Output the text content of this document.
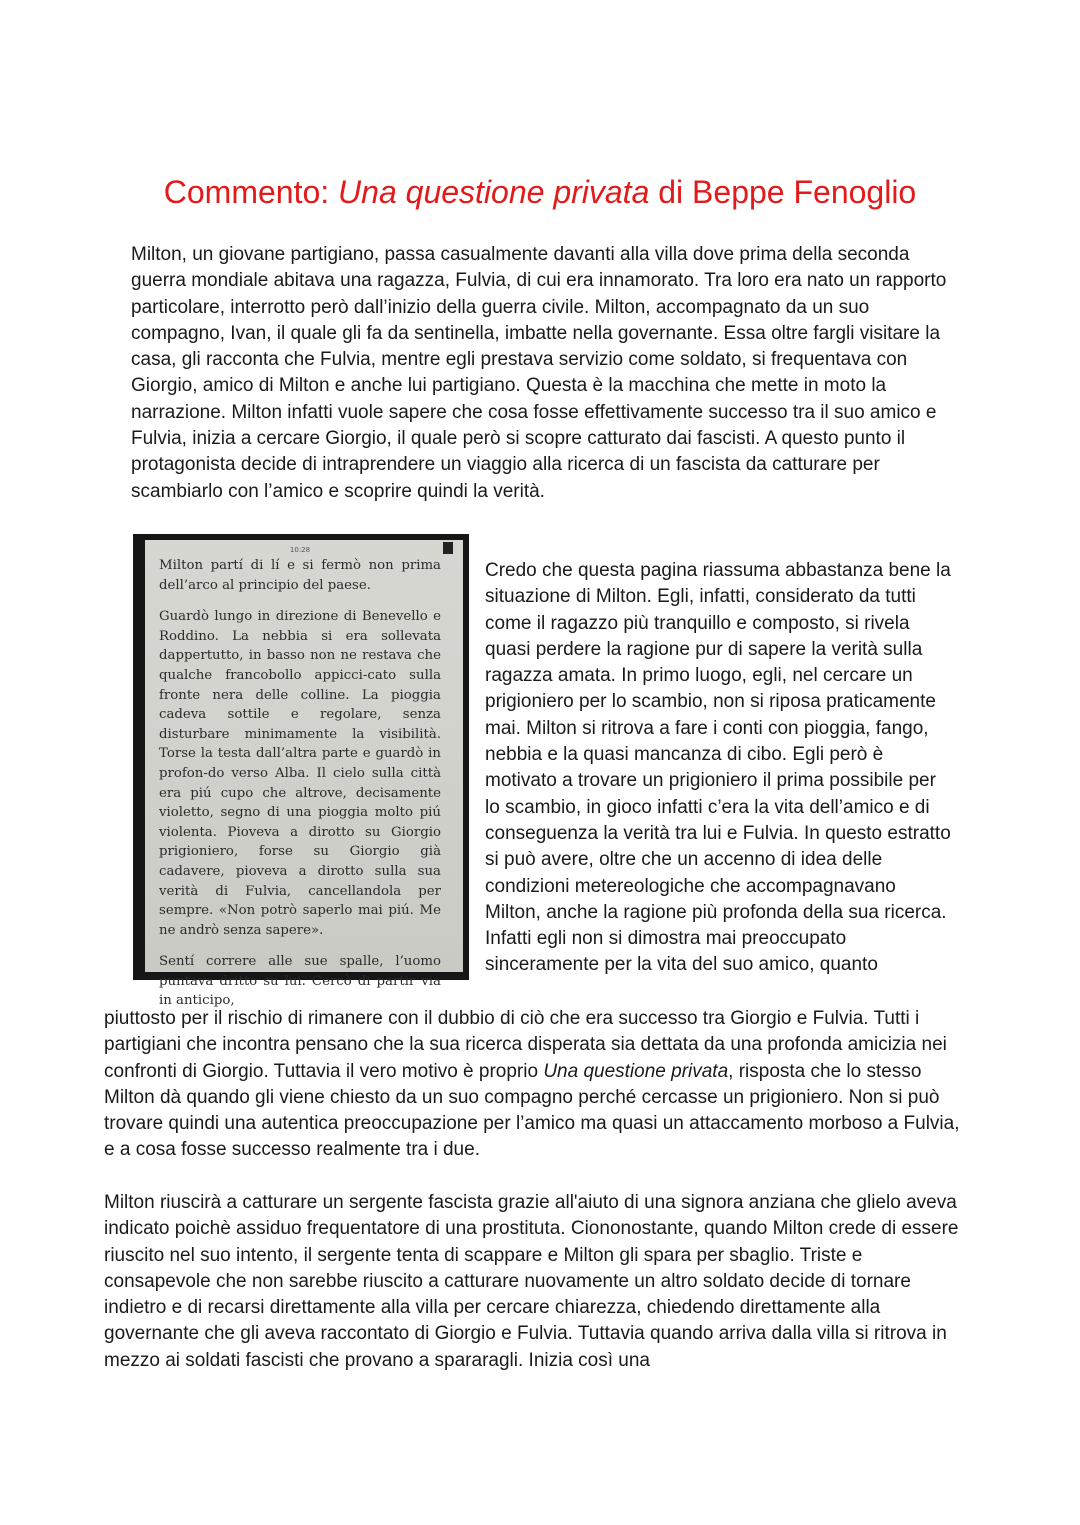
Commento: Una questione privata di Beppe Fenoglio

Milton, un giovane partigiano, passa casualmente davanti alla villa dove prima della seconda guerra mondiale abitava una ragazza, Fulvia, di cui era innamorato. Tra loro era nato un rapporto particolare, interrotto però dall’inizio della guerra civile. Milton, accompagnato da un suo compagno, Ivan, il quale gli fa da sentinella, imbatte nella governante. Essa oltre fargli visitare la casa, gli racconta che Fulvia, mentre egli prestava servizio come soldato, si frequentava con Giorgio, amico di Milton e anche lui partigiano. Questa è la macchina che mette in moto la narrazione. Milton infatti vuole sapere che cosa fosse effettivamente successo tra il suo amico e Fulvia, inizia a cercare Giorgio, il quale però si scopre catturato dai fascisti. A questo punto il protagonista decide di intraprendere un viaggio alla ricerca di un fascista da catturare per scambiarlo con l’amico e scoprire quindi la verità.

10:28

Milton partí di lí e si fermò non prima dell’arco al principio del paese.

Guardò lungo in direzione di Benevello e Roddino. La nebbia si era sollevata dappertutto, in basso non ne restava che qualche francobollo appicci-cato sulla fronte nera delle colline. La pioggia cadeva sottile e regolare, senza disturbare minimamente la visibilità. Torse la testa dall’altra parte e guardò in profon-do verso Alba. Il cielo sulla città era piú cupo che altrove, decisamente violetto, segno di una pioggia molto piú violenta. Pioveva a dirotto su Giorgio prigioniero, forse su Giorgio già cadavere, pioveva a dirotto sulla sua verità di Fulvia, cancellandola per sempre. «Non potrò saperlo mai piú. Me ne andrò senza sapere».

Sentí correre alle sue spalle, l’uomo puntava dritto su lui. Cercò di partir via in anticipo,

Credo che questa pagina riassuma abbastanza bene la situazione di Milton. Egli, infatti, considerato da tutti come il ragazzo più tranquillo e composto, si rivela quasi perdere la ragione pur di sapere la verità sulla ragazza amata. In primo luogo, egli, nel cercare un prigioniero per lo scambio, non si riposa praticamente mai. Milton si ritrova a fare i conti con pioggia, fango, nebbia e la quasi mancanza di cibo. Egli però è motivato a trovare un prigioniero il prima possibile per lo scambio, in gioco infatti c’era la vita dell’amico e di conseguenza la verità tra lui e Fulvia. In questo estratto si può avere, oltre che un accenno di idea delle condizioni metereologiche che accompagnavano Milton, anche la ragione più profonda della sua ricerca. Infatti egli non si dimostra mai preoccupato sinceramente per la vita del suo amico, quanto

piuttosto per il rischio di rimanere con il dubbio di ciò che era successo tra Giorgio e Fulvia. Tutti i partigiani che incontra pensano che la sua ricerca disperata sia dettata da una profonda amicizia nei confronti di Giorgio. Tuttavia il vero motivo è proprio Una questione privata, risposta che lo stesso Milton dà quando gli viene chiesto da un suo compagno perché cercasse un prigioniero. Non si può trovare quindi una autentica preoccupazione per l’amico ma quasi un attaccamento morboso a Fulvia, e a cosa fosse successo realmente tra i due.

Milton riuscirà a catturare un sergente fascista grazie all'aiuto di una signora anziana che glielo aveva indicato poichè assiduo frequentatore di una prostituta. Ciononostante, quando Milton crede di essere riuscito nel suo intento, il sergente tenta di scappare e Milton gli spara per sbaglio. Triste e consapevole che non sarebbe riuscito a catturare nuovamente un altro soldato decide di tornare indietro e di recarsi direttamente alla villa per cercare chiarezza, chiedendo direttamente alla governante che gli aveva raccontato di Giorgio e Fulvia. Tuttavia quando arriva dalla villa si ritrova in mezzo ai soldati fascisti che provano a spararagli. Inizia così una
